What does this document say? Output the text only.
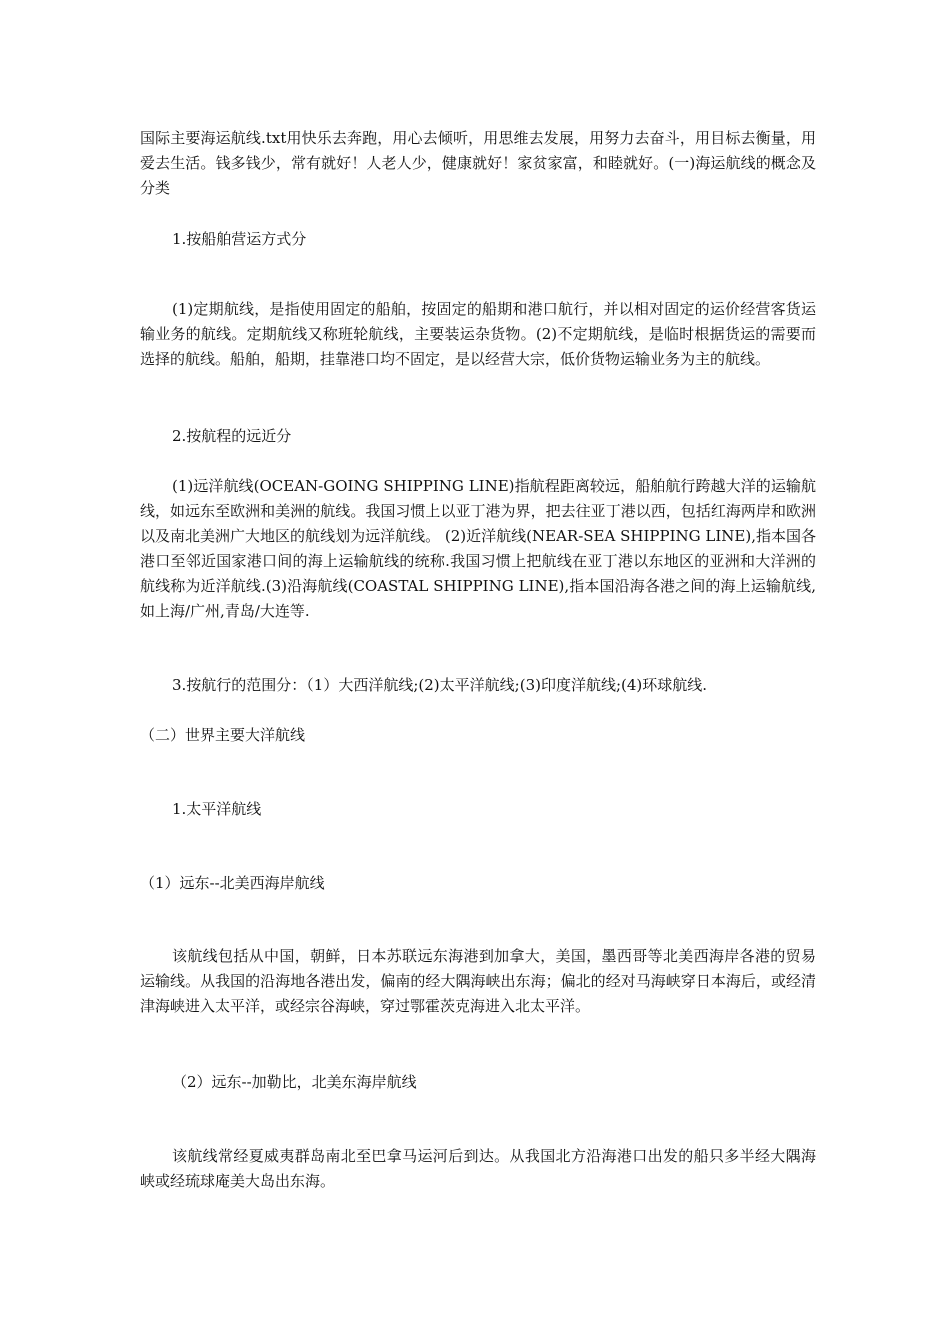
国际主要海运航线.txt用快乐去奔跑，用心去倾听，用思维去发展，用努力去奋斗，用目标去衡量，用爱去生活。钱多钱少，常有就好！人老人少，健康就好！家贫家富，和睦就好。(一)海运航线的概念及分类

1.按船舶营运方式分

(1)定期航线，是指使用固定的船舶，按固定的船期和港口航行，并以相对固定的运价经营客货运输业务的航线。定期航线又称班轮航线，主要装运杂货物。(2)不定期航线，是临时根据货运的需要而选择的航线。船舶，船期，挂靠港口均不固定，是以经营大宗，低价货物运输业务为主的航线。

2.按航程的远近分

(1)远洋航线(OCEAN-GOING SHIPPING LINE)指航程距离较远，船舶航行跨越大洋的运输航线，如远东至欧洲和美洲的航线。我国习惯上以亚丁港为界，把去往亚丁港以西，包括红海两岸和欧洲以及南北美洲广大地区的航线划为远洋航线。 (2)近洋航线(NEAR-SEA SHIPPING LINE),指本国各港口至邻近国家港口间的海上运输航线的统称.我国习惯上把航线在亚丁港以东地区的亚洲和大洋洲的航线称为近洋航线.(3)沿海航线(COASTAL SHIPPING LINE),指本国沿海各港之间的海上运输航线,如上海/广州,青岛/大连等.

3.按航行的范围分：（1）大西洋航线;(2)太平洋航线;(3)印度洋航线;(4)环球航线.

（二）世界主要大洋航线

1.太平洋航线

（1）远东--北美西海岸航线

该航线包括从中国，朝鲜，日本苏联远东海港到加拿大，美国，墨西哥等北美西海岸各港的贸易运输线。从我国的沿海地各港出发，偏南的经大隅海峡出东海；偏北的经对马海峡穿日本海后，或经清津海峡进入太平洋，或经宗谷海峡，穿过鄂霍茨克海进入北太平洋。

（2）远东--加勒比，北美东海岸航线

该航线常经夏威夷群岛南北至巴拿马运河后到达。从我国北方沿海港口出发的船只多半经大隅海峡或经琉球庵美大岛出东海。
